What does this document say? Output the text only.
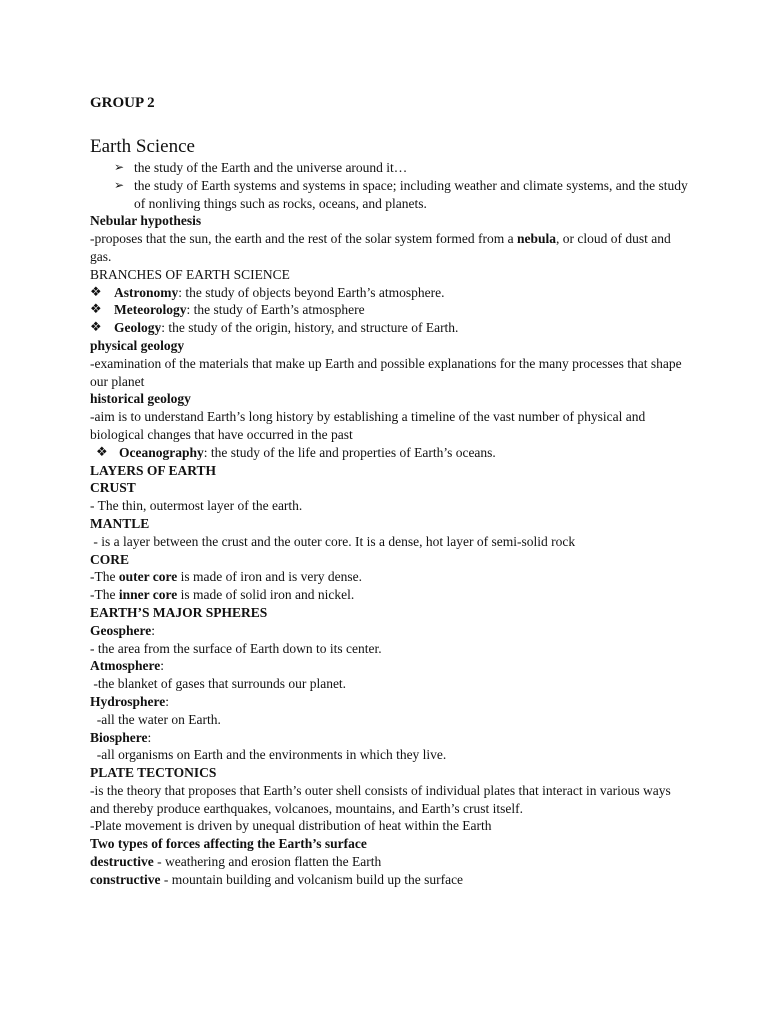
GROUP 2

Earth Science

➢ the study of the Earth and the universe around it…
➢ the study of Earth systems and systems in space; including weather and climate systems, and the study of nonliving things such as rocks, oceans, and planets.

Nebular hypothesis

-proposes that the sun, the earth and the rest of the solar system formed from a nebula, or cloud of dust and gas.

BRANCHES OF EARTH SCIENCE

❖ Astronomy: the study of objects beyond Earth’s atmosphere.
❖ Meteorology: the study of Earth’s atmosphere
❖ Geology: the study of the origin, history, and structure of Earth.

physical geology

-examination of the materials that make up Earth and possible explanations for the many processes that shape our planet

historical geology

-aim is to understand Earth’s long history by establishing a timeline of the vast number of physical and biological changes that have occurred in the past

❖ Oceanography: the study of the life and properties of Earth’s oceans.

LAYERS OF EARTH

CRUST

- The thin, outermost layer of the earth.

MANTLE

- is a layer between the crust and the outer core. It is a dense, hot layer of semi-solid rock

CORE

-The outer core is made of iron and is very dense.

-The inner core is made of solid iron and nickel.

EARTH’S MAJOR SPHERES

Geosphere:

- the area from the surface of Earth down to its center.

Atmosphere:

-the blanket of gases that surrounds our planet.

Hydrosphere:

-all the water on Earth.

Biosphere:

-all organisms on Earth and the environments in which they live.

PLATE TECTONICS

-is the theory that proposes that Earth’s outer shell consists of individual plates that interact in various ways and thereby produce earthquakes, volcanoes, mountains, and Earth’s crust itself.

-Plate movement is driven by unequal distribution of heat within the Earth

Two types of forces affecting the Earth’s surface

destructive - weathering and erosion flatten the Earth

constructive - mountain building and volcanism build up the surface
